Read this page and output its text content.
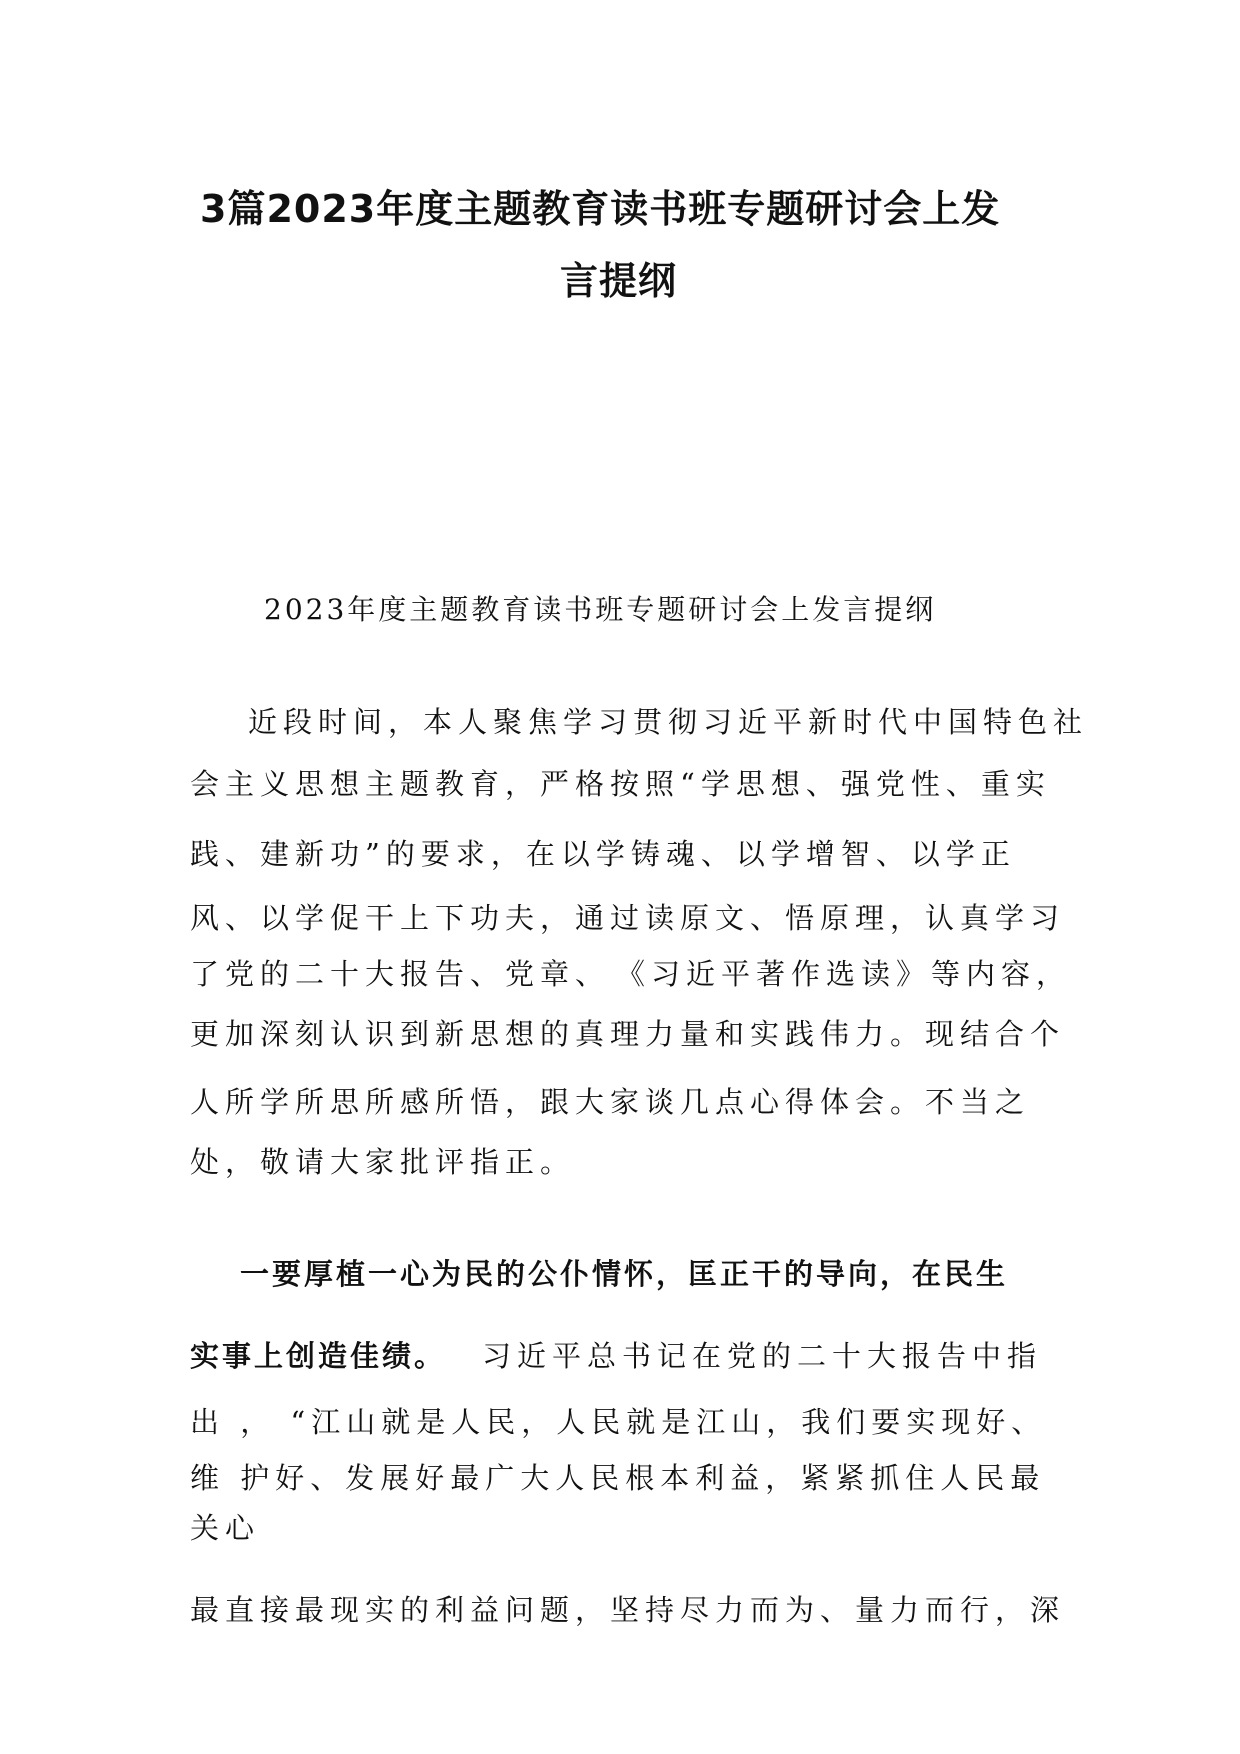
3篇2023年度主题教育读书班专题研讨会上发
言提纲

2023年度主题教育读书班专题研讨会上发言提纲

近段时间，本人聚焦学习贯彻习近平新时代中国特色社

会主义思想主题教育，严格按照“学思想、强党性、重实

践、建新功”的要求，在以学铸魂、以学增智、以学正

风、以学促干上下功夫，通过读原文、悟原理，认真学习

了党的二十大报告、党章、　《习近平著作选读》等内容，

更加深刻认识到新思想的真理力量和实践伟力。现结合个

人所学所思所感所悟，跟大家谈几点心得体会。不当之

处，敬请大家批评指正。

一要厚植一心为民的公仆情怀，匡正干的导向，在民生

实事上创造佳绩。 习近平总书记在党的二十大报告中指

出 ， “江山就是人民，人民就是江山，我们要实现好、

维 护好、发展好最广大人民根本利益，紧紧抓住人民最

关心

最直接最现实的利益问题，坚持尽力而为、量力而行，深
